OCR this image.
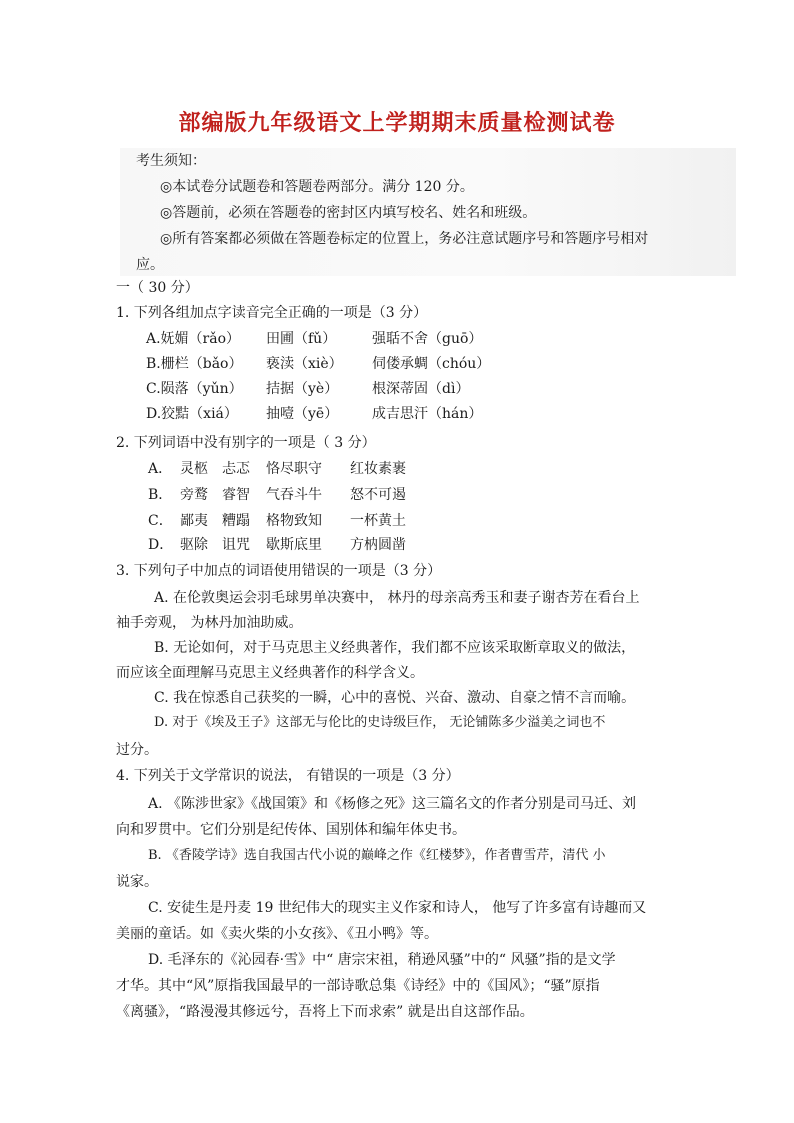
部编版九年级语文上学期期末质量检测试卷
考生须知：
◎本试卷分试题卷和答题卷两部分。满分 120 分。
◎答题前，必须在答题卷的密封区内填写校名、姓名和班级。
◎所有答案都必须做在答题卷标定的位置上，务必注意试题序号和答题序号相对
应。
一（ 30 分）
1. 下列各组加点字读音完全正确的一项是（3 分）
A.妩媚（rǎo） 田圃（fǔ）	强聒不舍（guō）
B.栅栏（bǎo） 亵渎（xiè） 伺偻承蜩（chóu）
C.陨落（yǔn） 拮据（yè） 根深蒂固（dì）
D.狡黠（xiá） 抽噎（yē） 成吉思汗（hán）
2. 下列词语中没有别字的一项是（ 3 分）
A． 灵柩 忐忑 恪尽职守 红妆素裹
B． 旁鹜 睿智 气吞斗牛 怒不可遏
C． 鄙夷 糟蹋 格物致知 一杯黄土
D． 驱除 诅咒 歇斯底里 方枘圆凿
3. 下列句子中加点的词语使用错误的一项是（3 分）
A. 在伦敦奥运会羽毛球男单决赛中， 林丹的母亲高秀玉和妻子谢杏芳在看台上
袖手旁观， 为林丹加油助威。
B. 无论如何，对于马克思主义经典著作，我们都不应该采取断章取义的做法，
而应该全面理解马克思主义经典著作的科学含义。
C. 我在惊悉自己获奖的一瞬，心中的喜悦、兴奋、激动、自豪之情不言而喻。
D. 对于《埃及王子》这部无与伦比的史诗级巨作， 无论铺陈多少溢美之词也不
过分。
4. 下列关于文学常识的说法， 有错误的一项是（3 分）
A. 《陈涉世家》《战国策》和《杨修之死》这三篇名文的作者分别是司马迁、刘
向和罗贯中。它们分别是纪传体、国别体和编年体史书。
B. 《香陵学诗》选自我国古代小说的巅峰之作《红楼梦》，作者曹雪芹，清代 小
说家。
C. 安徒生是丹麦 19 世纪伟大的现实主义作家和诗人， 他写了许多富有诗趣而又
美丽的童话。如《卖火柴的小女孩》、《丑小鸭》等。
D. 毛泽东的《沁园春·雪》中“ 唐宗宋祖，稍逊风骚”中的“ 风骚”指的是文学
才华。其中“风”原指我国最早的一部诗歌总集《诗经》中的《国风》；“骚”原指
《离骚》，“路漫漫其修远兮，吾将上下而求索” 就是出自这部作品。
